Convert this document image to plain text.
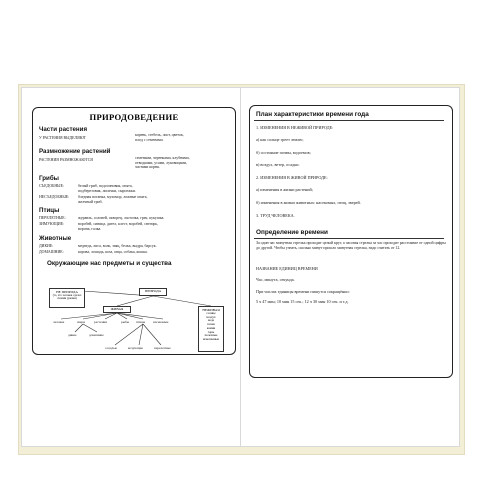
ПРИРОДОВЕДЕНИЕ
Части растения
У РАСТЕНИЯ ВЫДЕЛЯЮТ
корень, стебель, лист, цветок,
плод с семенами.
Размножение растений
РАСТЕНИЯ РАЗМНОЖАЮТСЯ	семенами, черенками, клубнями,
отводками, усами, луковицами,
частями корня.
Грибы
СЪЕДОБНЫЕ:	белый гриб, подосиновик, опята,
подберезовик, лисички, сыроежки.
НЕСЪЕДОБНЫЕ: бледная поганка, мухомор, ложные опята,
желчный гриб.
Птицы
ПЕРЕЛЕТНЫЕ:	журавль, соловей, скворец, ласточка, грач, кукушка.
ЗИМУЮЩИЕ:	воробей, синица, дятел, клест, воробей, снегирь,
ворона, галка.
Животные
ДИКИЕ:	медведь, лиса, волк, заяц, белка, выдра, барсук.
ДОМАШНИЕ:	корова, лошадь, коза, овца, собака, кошка.
Окружающие нас предметы и существа
НЕ ПРИРОДА
(то, что человек сделал своими руками)
ПРИРОДА
ЖИВАЯ	НЕЖИВАЯ
солнце
воздух
вода
почва
камни
горы
полезные
ископаемые
человек	звери	растения	рыбы птицы насекомые
дикие	домашние
оседлые	кочующие	перелетные
План характеристики времени года
1. ИЗМЕНЕНИЯ В НЕЖИВОЙ ПРИРОДЕ:
а) как солнце греет землю;
б) состояние почвы, водоемов;
в) воздух, ветер, осадки.
2. ИЗМЕНЕНИЯ В ЖИВОЙ ПРИРОДЕ:
а) изменения в жизни растений;
б) изменения в жизни животных: насекомых, птиц, зверей.
3. ТРУД ЧЕЛОВЕКА.
Определение времени
За один час минутная стрелка проходит целый круг, а часовая стрелка за час проходит расстояние от одной цифры до другой. Чтобы узнать, сколько минут прошло минутная стрелка, надо считать от 12.
НАЗВАНИЕ ЕДИНИЦ ВРЕМЕНИ
Час, минута, секунда.
При числах единицы времени пишутся сокращённо:
5 ч 47 мин; 10 мин 15 сек.; 12 ч 30 мин 10 сек. и т.д.
